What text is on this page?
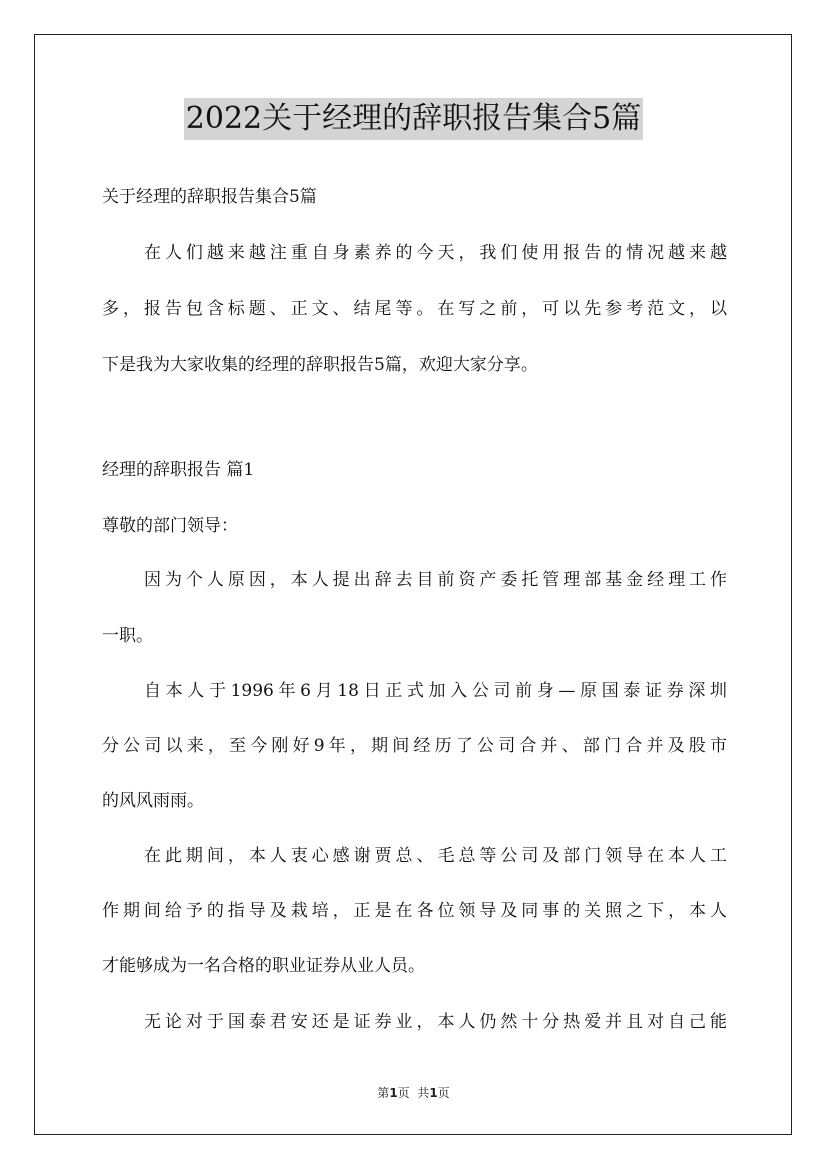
2022关于经理的辞职报告集合5篇
关于经理的辞职报告集合5篇
在人们越来越注重自身素养的今天，我们使用报告的情况越来越
多，报告包含标题、正文、结尾等。在写之前，可以先参考范文，以
下是我为大家收集的经理的辞职报告5篇，欢迎大家分享。
经理的辞职报告 篇1
尊敬的部门领导：
因为个人原因，本人提出辞去目前资产委托管理部基金经理工作
一职。
自本人于1996年6月18日正式加入公司前身—原国泰证券深圳
分公司以来，至今刚好9年，期间经历了公司合并、部门合并及股市
的风风雨雨。
在此期间，本人衷心感谢贾总、毛总等公司及部门领导在本人工
作期间给予的指导及栽培，正是在各位领导及同事的关照之下，本人
才能够成为一名合格的职业证券从业人员。
无论对于国泰君安还是证券业，本人仍然十分热爱并且对自己能
第1页  共1页
